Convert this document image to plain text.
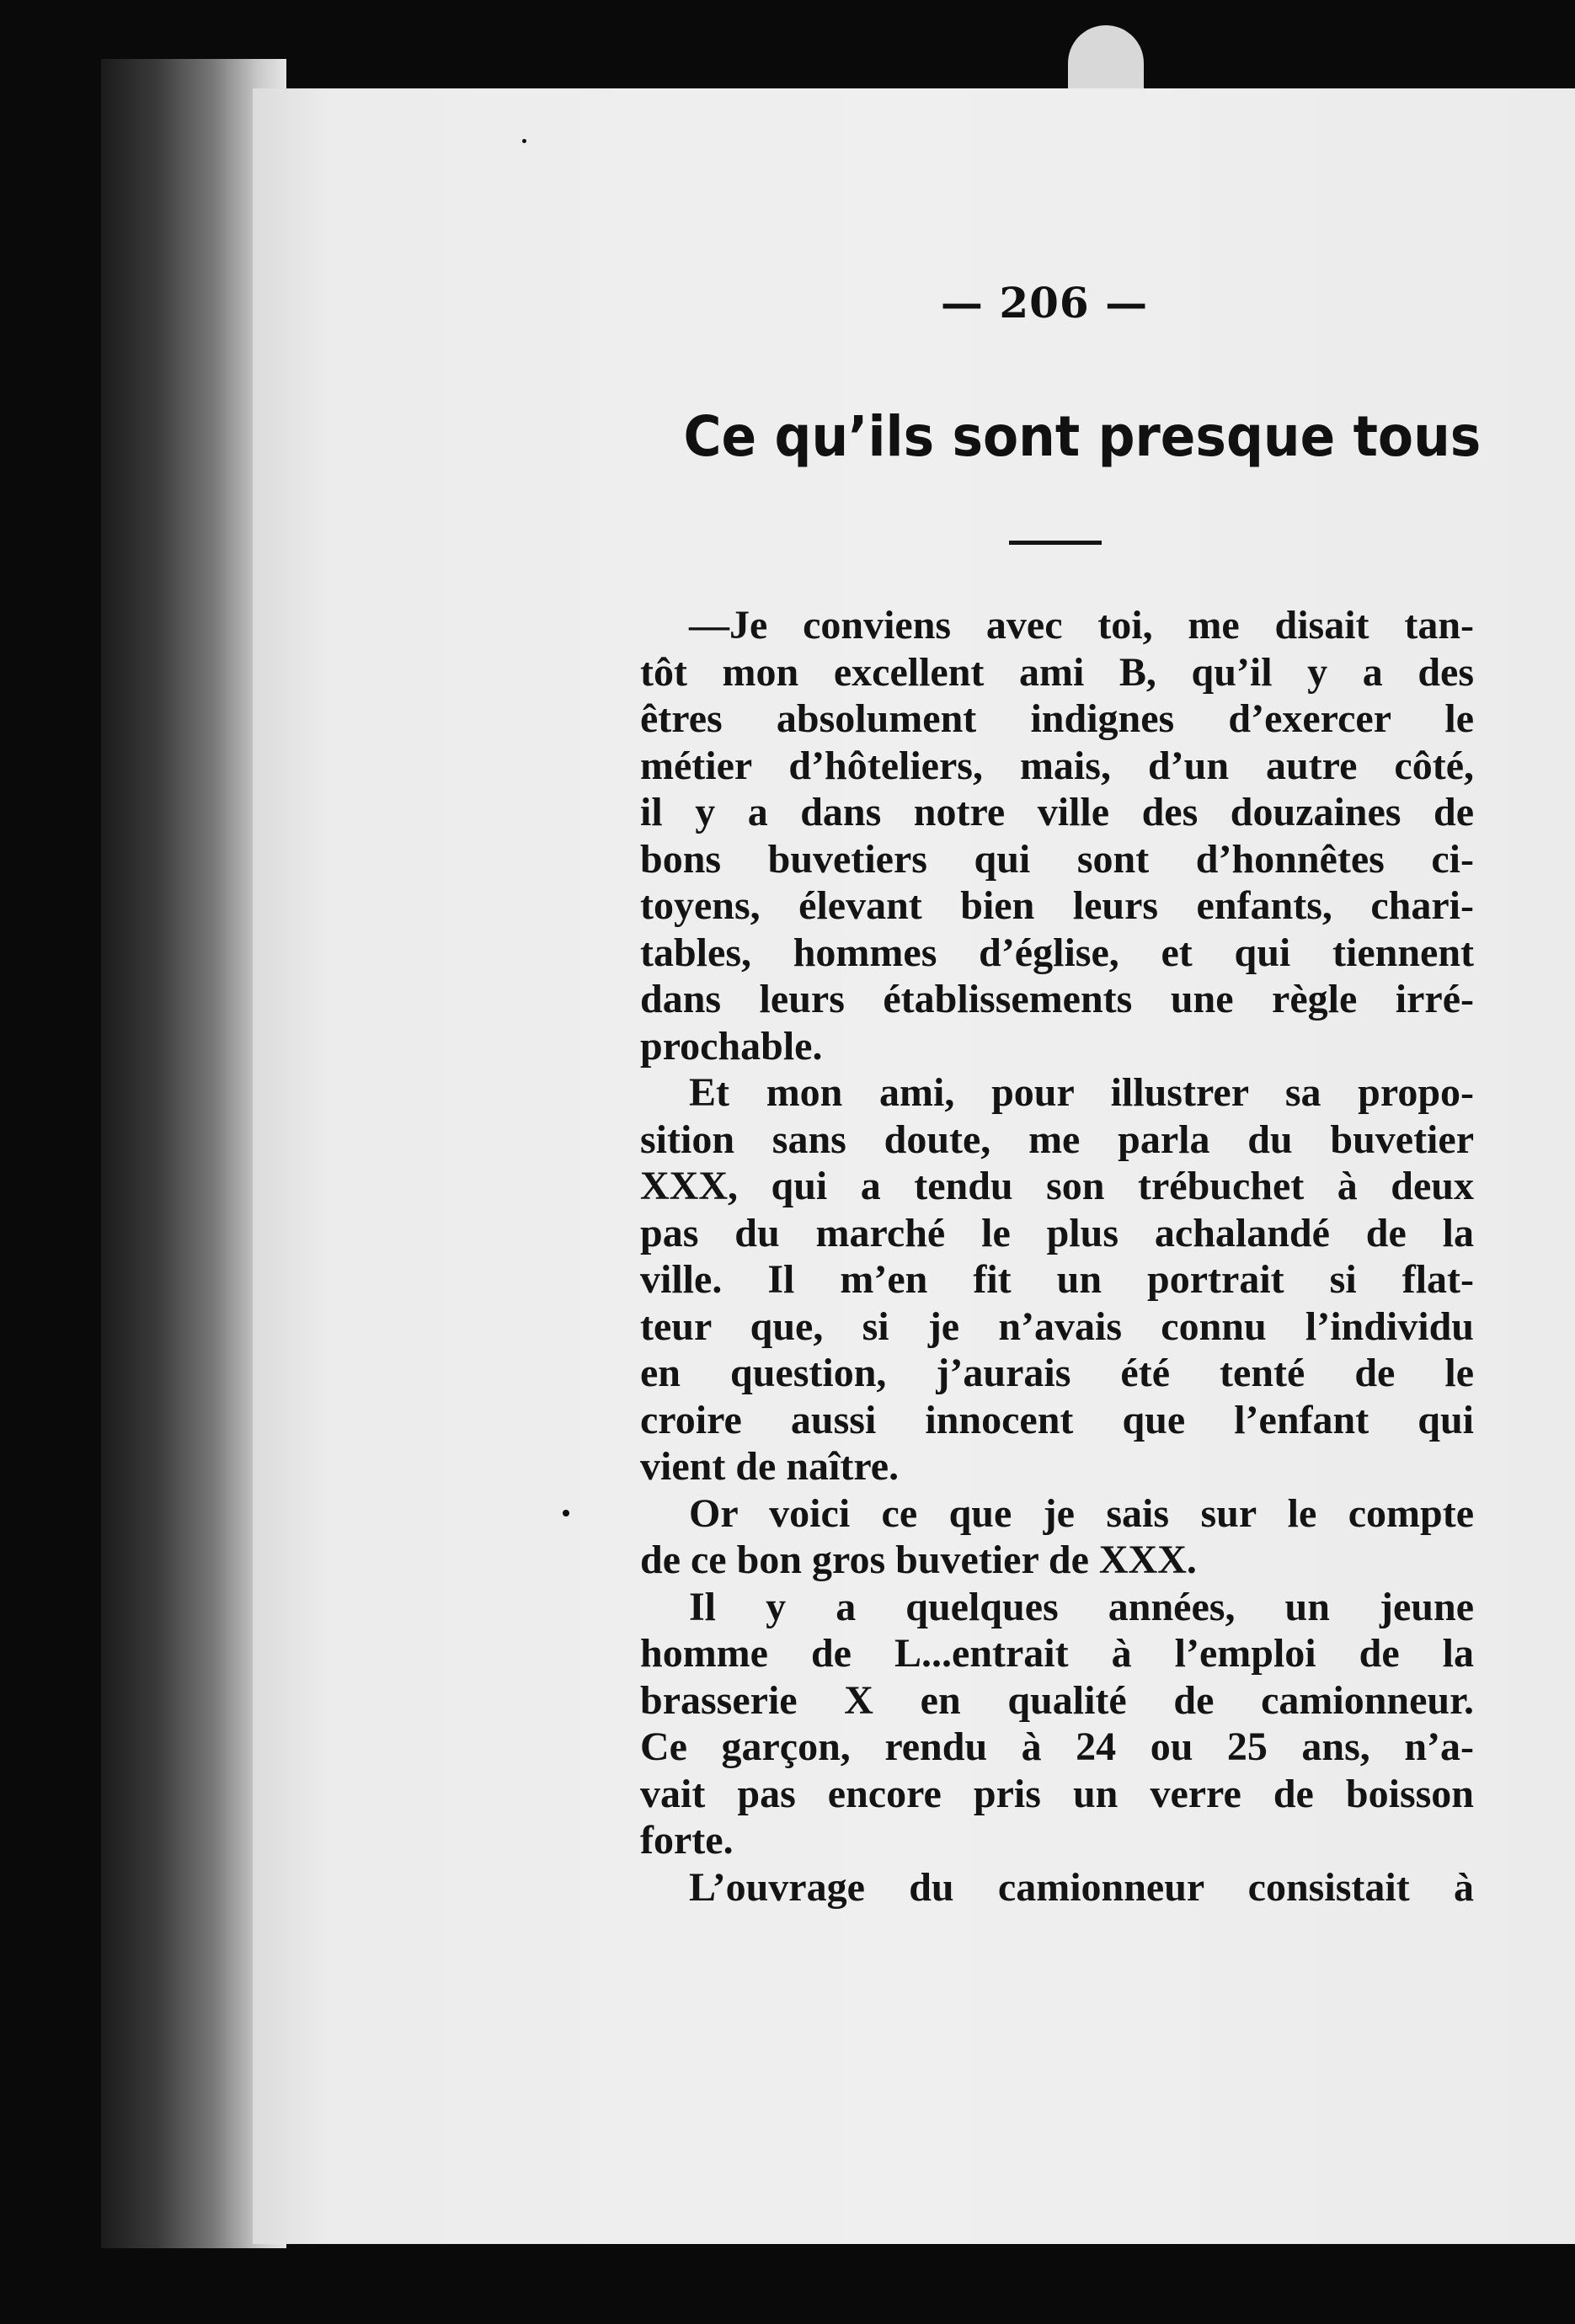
— 206 —
Ce qu’ils sont presque tous
—Je conviens avec toi, me disait tan-
tôt mon excellent ami B, qu’il y a des
êtres absolument indignes d’exercer le
métier d’hôteliers, mais, d’un autre côté,
il y a dans notre ville des douzaines de
bons buvetiers qui sont d’honnêtes ci-
toyens, élevant bien leurs enfants, chari-
tables, hommes d’église, et qui tiennent
dans leurs établissements une règle irré-
prochable.
Et mon ami, pour illustrer sa propo-
sition sans doute, me parla du buvetier
XXX, qui a tendu son trébuchet à deux
pas du marché le plus achalandé de la
ville. Il m’en fit un portrait si flat-
teur que, si je n’avais connu l’individu
en question, j’aurais été tenté de le
croire aussi innocent que l’enfant qui
vient de naître.
Or voici ce que je sais sur le compte
de ce bon gros buvetier de XXX.
Il y a quelques années, un jeune
homme de L...entrait à l’emploi de la
brasserie X en qualité de camionneur.
Ce garçon, rendu à 24 ou 25 ans, n’a-
vait pas encore pris un verre de boisson
forte.
L’ouvrage du camionneur consistait à
